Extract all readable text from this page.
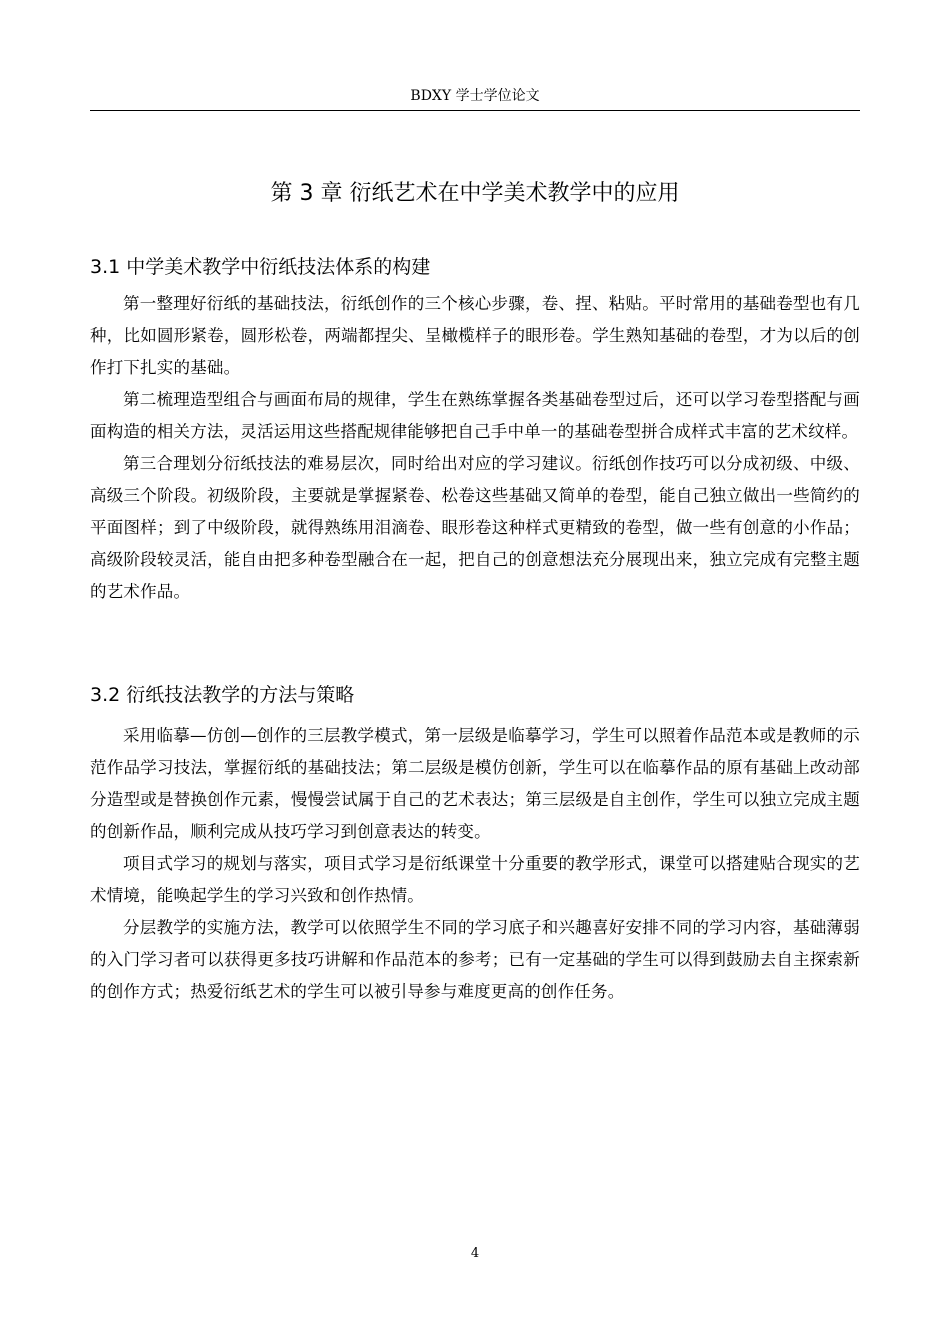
BDXY 学士学位论文
第 3 章 衍纸艺术在中学美术教学中的应用
3.1 中学美术教学中衍纸技法体系的构建

第一整理好衍纸的基础技法，衍纸创作的三个核心步骤，卷、捏、粘贴。平时常用的基础卷型也有几种，比如圆形紧卷，圆形松卷，两端都捏尖、呈橄榄样子的眼形卷。学生熟知基础的卷型，才为以后的创作打下扎实的基础。

第二梳理造型组合与画面布局的规律，学生在熟练掌握各类基础卷型过后，还可以学习卷型搭配与画面构造的相关方法，灵活运用这些搭配规律能够把自己手中单一的基础卷型拼合成样式丰富的艺术纹样。

第三合理划分衍纸技法的难易层次，同时给出对应的学习建议。衍纸创作技巧可以分成初级、中级、高级三个阶段。初级阶段，主要就是掌握紧卷、松卷这些基础又简单的卷型，能自己独立做出一些简约的平面图样；到了中级阶段，就得熟练用泪滴卷、眼形卷这种样式更精致的卷型，做一些有创意的小作品；高级阶段较灵活，能自由把多种卷型融合在一起，把自己的创意想法充分展现出来，独立完成有完整主题的艺术作品。

3.2 衍纸技法教学的方法与策略

采用临摹—仿创—创作的三层教学模式，第一层级是临摹学习，学生可以照着作品范本或是教师的示范作品学习技法，掌握衍纸的基础技法；第二层级是模仿创新，学生可以在临摹作品的原有基础上改动部分造型或是替换创作元素，慢慢尝试属于自己的艺术表达；第三层级是自主创作，学生可以独立完成主题的创新作品，顺利完成从技巧学习到创意表达的转变。

项目式学习的规划与落实，项目式学习是衍纸课堂十分重要的教学形式，课堂可以搭建贴合现实的艺术情境，能唤起学生的学习兴致和创作热情。

分层教学的实施方法，教学可以依照学生不同的学习底子和兴趣喜好安排不同的学习内容，基础薄弱的入门学习者可以获得更多技巧讲解和作品范本的参考；已有一定基础的学生可以得到鼓励去自主探索新的创作方式；热爱衍纸艺术的学生可以被引导参与难度更高的创作任务。

4
